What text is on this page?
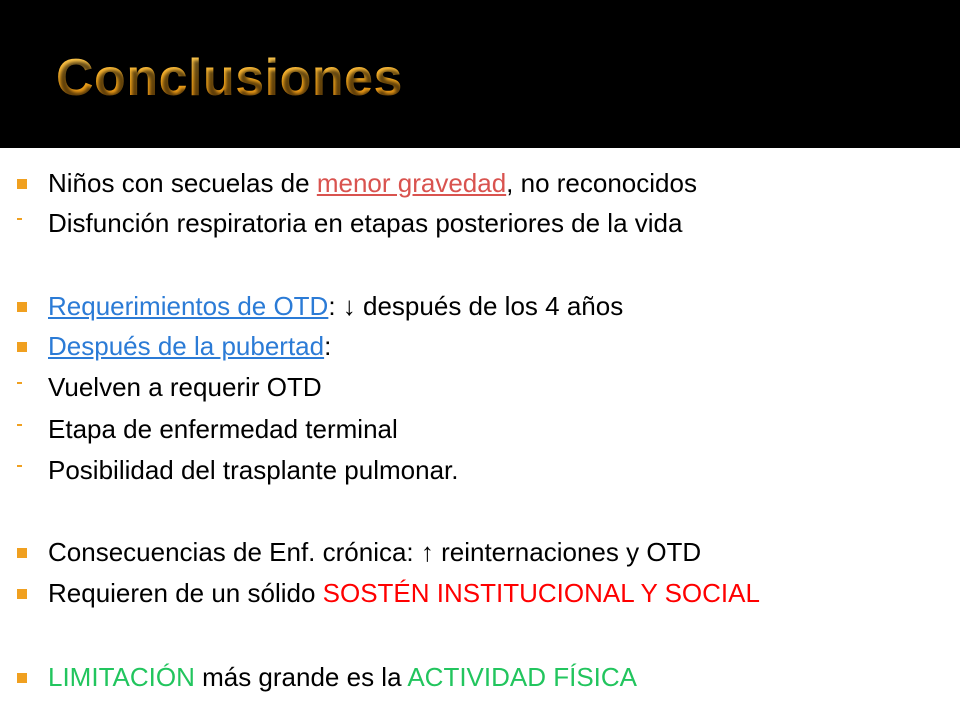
Conclusiones
Niños con secuelas de menor gravedad, no reconocidos
Disfunción respiratoria en etapas posteriores de la vida
Requerimientos de OTD: ↓ después de los 4 años
Después de la pubertad:
Vuelven a requerir OTD
Etapa de enfermedad terminal
Posibilidad del trasplante pulmonar.
Consecuencias de Enf. crónica: ↑ reinternaciones y OTD
Requieren de un sólido SOSTÉN INSTITUCIONAL Y SOCIAL
LIMITACIÓN más grande es la ACTIVIDAD FÍSICA
